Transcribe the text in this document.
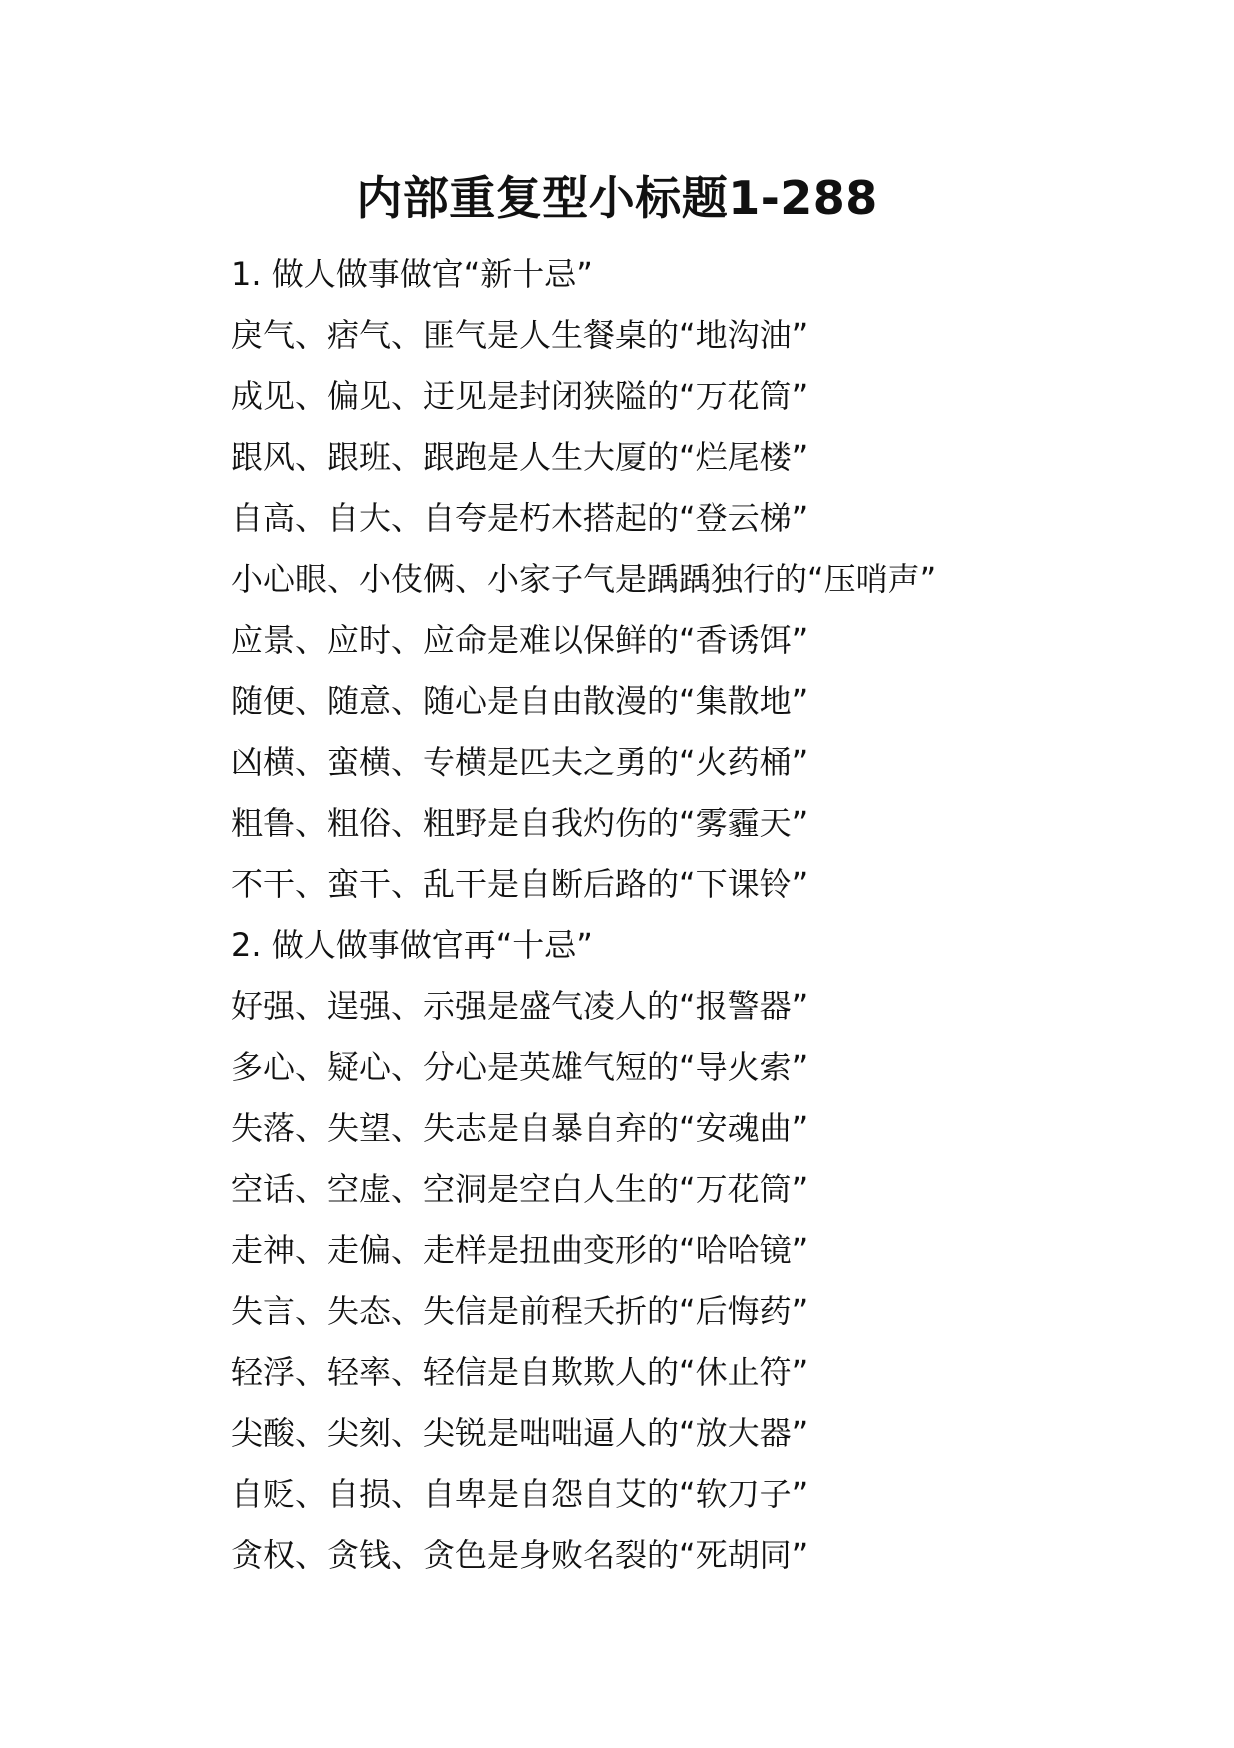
内部重复型小标题1-288
1. 做人做事做官“新十忌”
戾气、痞气、匪气是人生餐桌的“地沟油”
成见、偏见、迂见是封闭狭隘的“万花筒”
跟风、跟班、跟跑是人生大厦的“烂尾楼”
自高、自大、自夸是朽木搭起的“登云梯”
小心眼、小伎俩、小家子气是踽踽独行的“压哨声”
应景、应时、应命是难以保鲜的“香诱饵”
随便、随意、随心是自由散漫的“集散地”
凶横、蛮横、专横是匹夫之勇的“火药桶”
粗鲁、粗俗、粗野是自我灼伤的“雾霾天”
不干、蛮干、乱干是自断后路的“下课铃”
2. 做人做事做官再“十忌”
好强、逞强、示强是盛气凌人的“报警器”
多心、疑心、分心是英雄气短的“导火索”
失落、失望、失志是自暴自弃的“安魂曲”
空话、空虚、空洞是空白人生的“万花筒”
走神、走偏、走样是扭曲变形的“哈哈镜”
失言、失态、失信是前程夭折的“后悔药”
轻浮、轻率、轻信是自欺欺人的“休止符”
尖酸、尖刻、尖锐是咄咄逼人的“放大器”
自贬、自损、自卑是自怨自艾的“软刀子”
贪权、贪钱、贪色是身败名裂的“死胡同”
